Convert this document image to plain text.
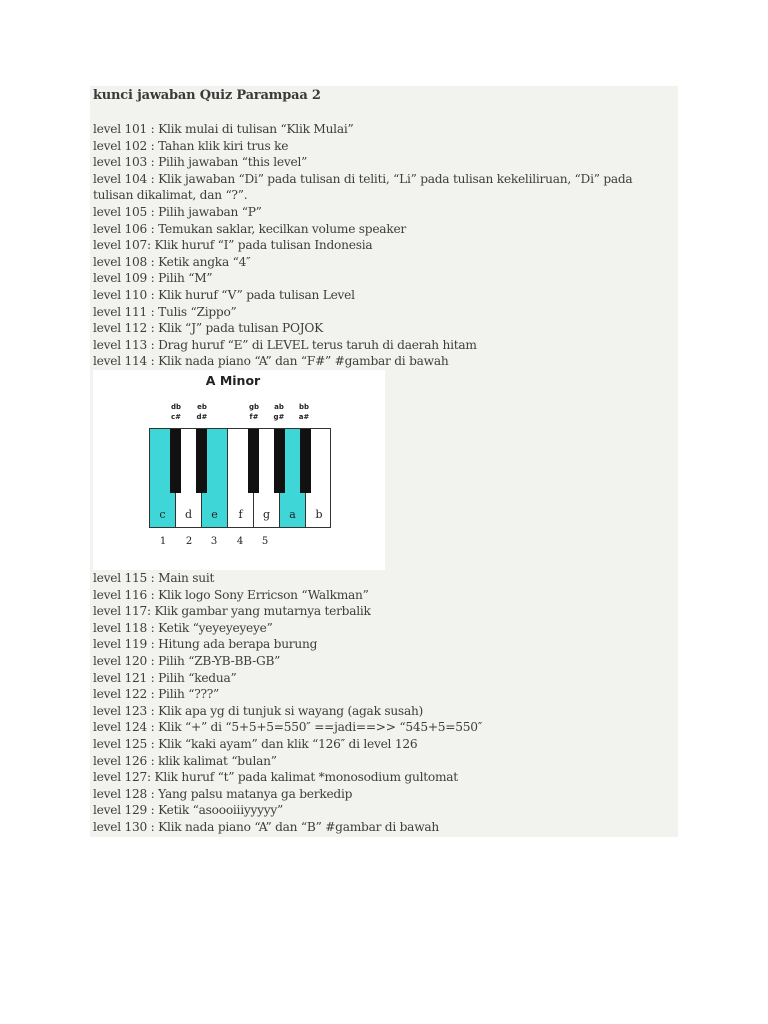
kunci jawaban Quiz Parampaa 2
level 101 : Klik mulai di tulisan “Klik Mulai”
level 102 : Tahan klik kiri trus ke
level 103 : Pilih jawaban “this level”
level 104 : Klik jawaban “Di” pada tulisan di teliti, “Li” pada tulisan kekeliliruan, “Di” pada tulisan dikalimat, dan “?”.
level 105 : Pilih jawaban “P”
level 106 : Temukan saklar, kecilkan volume speaker
level 107: Klik huruf “I” pada tulisan Indonesia
level 108 : Ketik angka “4″
level 109 : Pilih “M”
level 110 : Klik huruf “V” pada tulisan Level
level 111 : Tulis “Zippo”
level 112 : Klik “J” pada tulisan POJOK
level 113 : Drag huruf “E” di LEVEL terus taruh di daerah hitam
level 114 : Klik nada piano “A” dan “F#” #gambar di bawah
A Minor
db
c#
eb
d#
gb
f#
ab
g#
bb
a#
c	d	e	f	g	a	b
1	2	3	4	5
level 115 : Main suit
level 116 : Klik logo Sony Erricson “Walkman”
level 117: Klik gambar yang mutarnya terbalik
level 118 : Ketik “yeyeyeyeye”
level 119 : Hitung ada berapa burung
level 120 : Pilih “ZB-YB-BB-GB”
level 121 : Pilih “kedua”
level 122 : Pilih “???”
level 123 : Klik apa yg di tunjuk si wayang (agak susah)
level 124 : Klik “+” di “5+5+5=550″ ==jadi==>> “545+5=550″
level 125 : Klik “kaki ayam” dan klik “126″ di level 126
level 126 : klik kalimat “bulan”
level 127: Klik huruf “t” pada kalimat *monosodium gultomat
level 128 : Yang palsu matanya ga berkedip
level 129 : Ketik “asoooiiiyyyyy”
level 130 : Klik nada piano “A” dan “B” #gambar di bawah
